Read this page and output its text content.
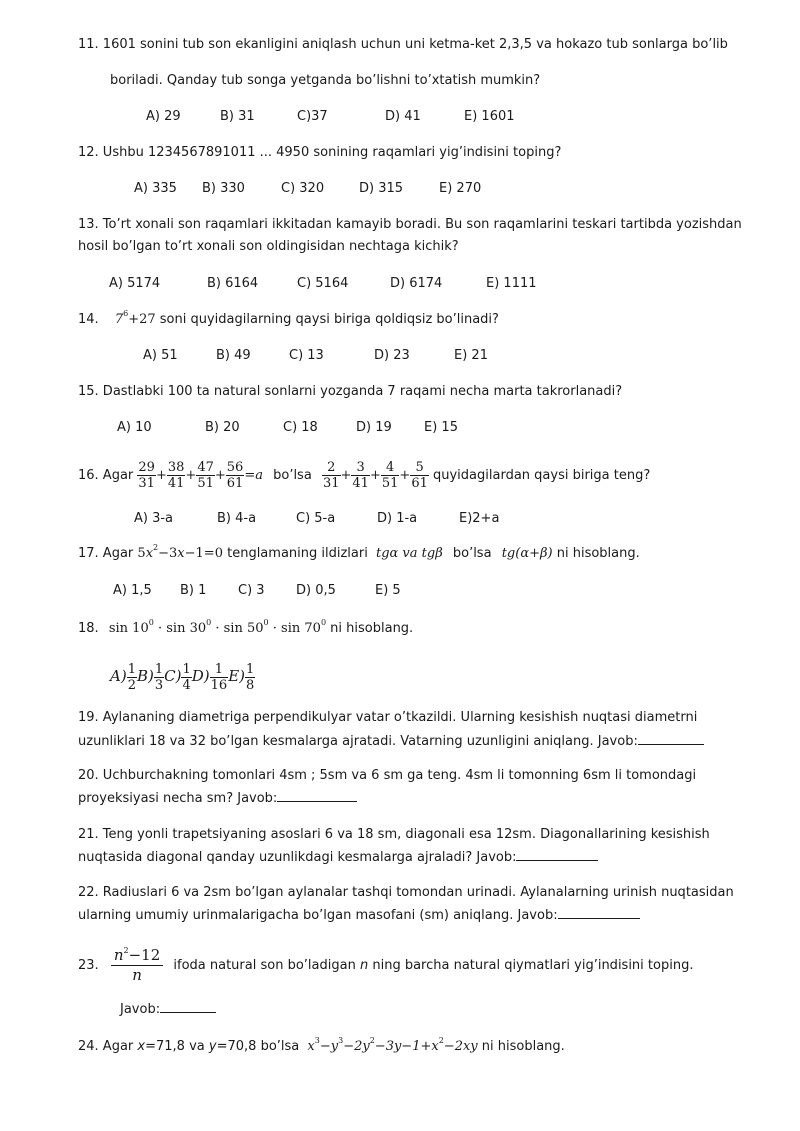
11. 1601 sonini tub son ekanligini aniqlash uchun uni ketma-ket 2,3,5 va hokazo tub sonlarga bo’lib
boriladi. Qanday tub songa yetganda bo’lishni to’xtatish mumkin?
A) 29	B) 31	C)37	D) 41	E) 1601
12. Ushbu 1234567891011 ... 4950 sonining raqamlari yig’indisini toping?
A) 335 B) 330	C) 320	D) 315	E) 270
13. To’rt xonali son raqamlari ikkitadan kamayib boradi. Bu son raqamlarini teskari tartibda yozishdan
hosil bo’lgan to’rt xonali son oldingisidan nechtaga kichik?
A) 5174	B) 6164	C) 5164	D) 6174	E) 1111
14. $7^6+27$ soni quyidagilarning qaysi biriga qoldiqsiz bo’linadi?
A) 51	B) 49	C) 13	D) 23	E) 21
15. Dastlabki 100 ta natural sonlarni yozganda 7 raqami necha marta takrorlanadi?
A) 10	B) 20	C) 18	D) 19 E) 15
16. Agar $\frac{29}{31} + \frac{38}{41} + \frac{47}{51} + \frac{56}{61} =a$ bo’lsa $\frac{2}{31} + \frac{3}{41} + \frac{4}{51} + \frac{5}{61}$ quyidagilardan qaysi biriga teng?
A) 3-a	B) 4-a	C) 5-a	D) 1-a	E)2+a
17. Agar $5x^2-3x-1=0$ tenglamaning ildizlari tgα va tgβ bo’lsa tg(α+β) ni hisoblang.
A) 1,5 B) 1 C) 3 D) 0,5	E) 5
18. $\sin 10^0 \cdot \sin 30^0 \cdot \sin 50^0 \cdot \sin 70^0$ ni hisoblang.
$A) \frac{1}{2} B) \frac{1}{3} C) \frac{1}{4} D) \frac{1}{16} E) \frac{1}{8}$
19. Aylananing diametriga perpendikulyar vatar o’tkazildi. Ularning kesishish nuqtasi diametrni
uzunliklari 18 va 32 bo’lgan kesmalarga ajratadi. Vatarning uzunligini aniqlang. Javob:
20. Uchburchakning tomonlari 4sm ; 5sm va 6 sm ga teng. 4sm li tomonning 6sm li tomondagi
proyeksiyasi necha sm? Javob:
21. Teng yonli trapetsiyaning asoslari 6 va 18 sm, diagonali esa 12sm. Diagonallarining kesishish
nuqtasida diagonal qanday uzunlikdagi kesmalarga ajraladi? Javob:
22. Radiuslari 6 va 2sm bo’lgan aylanalar tashqi tomondan urinadi. Aylanalarning urinish nuqtasidan
ularning umumiy urinmalarigacha bo’lgan masofani (sm) aniqlang. Javob:
23. $\frac{n^2-12}{n}$ ifoda natural son bo’ladigan n ning barcha natural qiymatlari yig’indisini toping.
Javob:
24. Agar x=71,8 va y=70,8 bo’lsa $x^3-y^3-2y^2-3y-1+x^2-2xy$ ni hisoblang.
